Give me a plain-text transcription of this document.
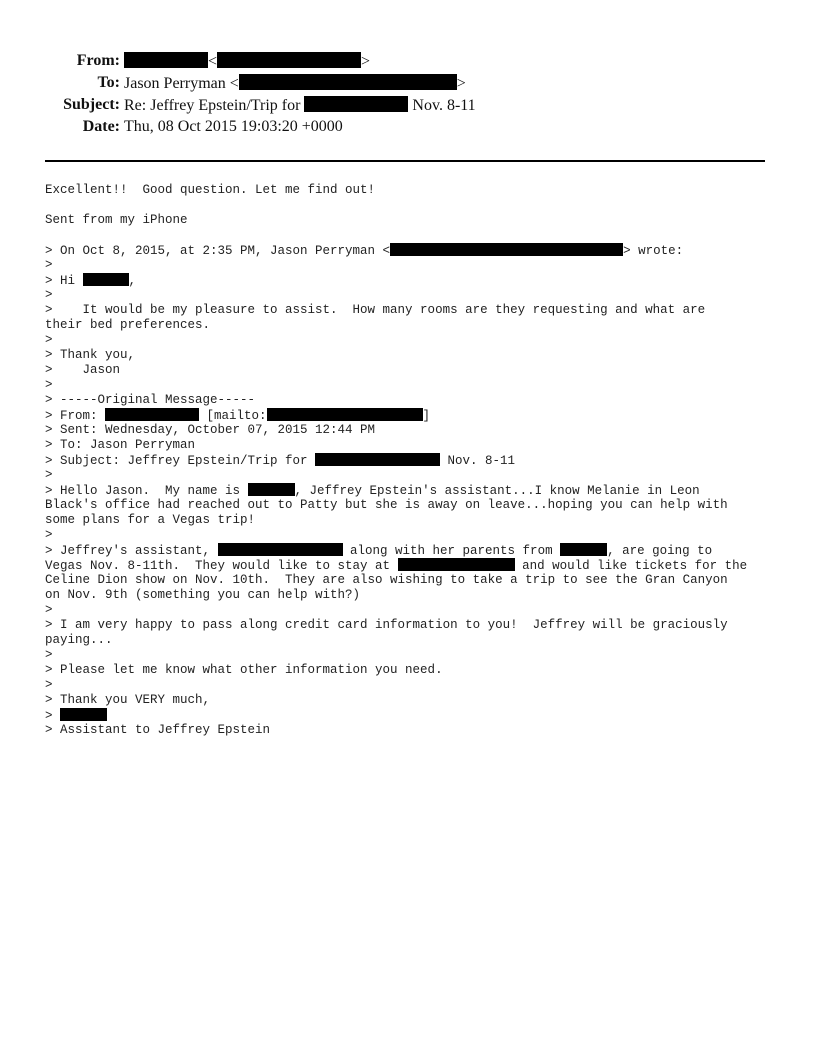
From:	<	>
To: Jason Perryman <	>
Subject: Re: Jeffrey Epstein/Trip for	Nov. 8-11
Date: Thu, 08 Oct 2015 19:03:20 +0000
Excellent!!  Good question. Let me find out!
Sent from my iPhone
> On Oct 8, 2015, at 2:35 PM, Jason Perryman <	> wrote:
>
> Hi	,
>
>    It would be my pleasure to assist.  How many rooms are they requesting and what are
their bed preferences.
>
> Thank you,
>    Jason
>
> -----Original Message-----
> From:	[mailto:	]
> Sent: Wednesday, October 07, 2015 12:44 PM
> To: Jason Perryman
> Subject: Jeffrey Epstein/Trip for	Nov. 8-11
>
> Hello Jason.  My name is	, Jeffrey Epstein's assistant...I know Melanie in Leon
Black's office had reached out to Patty but she is away on leave...hoping you can help with
some plans for a Vegas trip!
>
> Jeffrey's assistant,	along with her parents from	, are going to
Vegas Nov. 8-11th.  They would like to stay at	and would like tickets for the
Celine Dion show on Nov. 10th.  They are also wishing to take a trip to see the Gran Canyon
on Nov. 9th (something you can help with?)
>
> I am very happy to pass along credit card information to you!  Jeffrey will be graciously
paying...
>
> Please let me know what other information you need.
>
> Thank you VERY much,
>
> Assistant to Jeffrey Epstein
